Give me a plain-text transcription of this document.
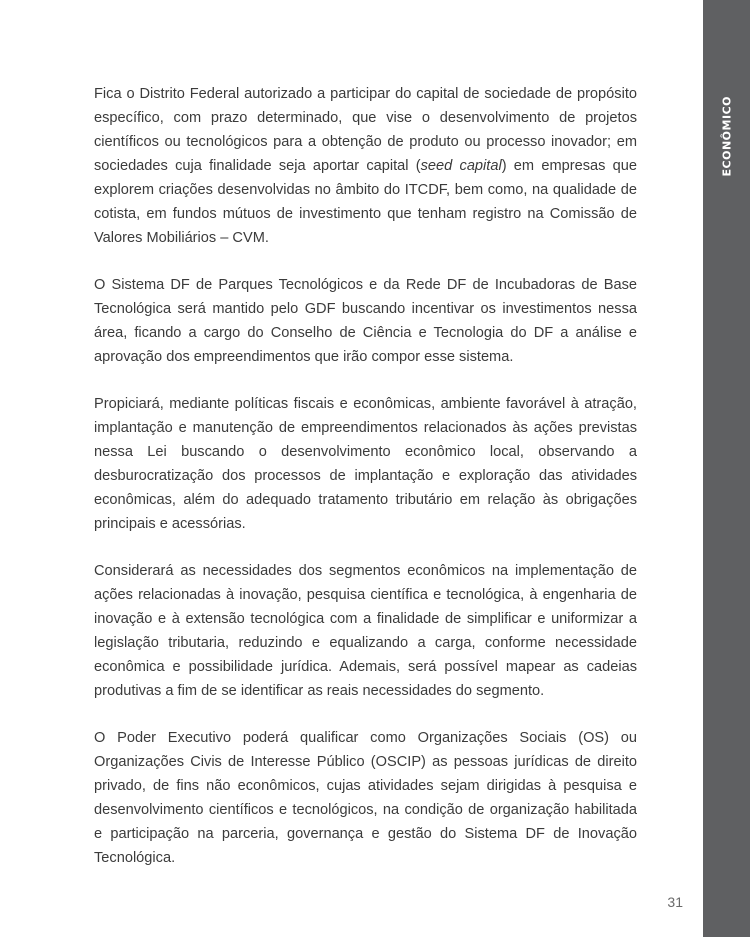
ECONÔMICO

Fica o Distrito Federal autorizado a participar do capital de sociedade de propósito específico, com prazo determinado, que vise o desenvolvimento de projetos científicos ou tecnológicos para a obtenção de produto ou processo inovador; em sociedades cuja finalidade seja aportar capital (seed capital) em empresas que explorem criações desenvolvidas no âmbito do ITCDF, bem como, na qualidade de cotista, em fundos mútuos de investimento que tenham registro na Comissão de Valores Mobiliários – CVM.

O Sistema DF de Parques Tecnológicos e da Rede DF de Incubadoras de Base Tecnológica será mantido pelo GDF buscando incentivar os investimentos nessa área, ficando a cargo do Conselho de Ciência e Tecnologia do DF a análise e aprovação dos empreendimentos que irão compor esse sistema.

Propiciará, mediante políticas fiscais e econômicas, ambiente favorável à atração, implantação e manutenção de empreendimentos relacionados às ações previstas nessa Lei buscando o desenvolvimento econômico local, observando a desburocratização dos processos de implantação e exploração das atividades econômicas, além do adequado tratamento tributário em relação às obrigações principais e acessórias.

Considerará as necessidades dos segmentos econômicos na implementação de ações relacionadas à inovação, pesquisa científica e tecnológica, à engenharia de inovação e à extensão tecnológica com a finalidade de simplificar e uniformizar a legislação tributaria, reduzindo e equalizando a carga, conforme necessidade econômica e possibilidade jurídica. Ademais, será possível mapear as cadeias produtivas a fim de se identificar as reais necessidades do segmento.

O Poder Executivo poderá qualificar como Organizações Sociais (OS) ou Organizações Civis de Interesse Público (OSCIP) as pessoas jurídicas de direito privado, de fins não econômicos, cujas atividades sejam dirigidas à pesquisa e desenvolvimento científicos e tecnológicos, na condição de organização habilitada e participação na parceria, governança e gestão do Sistema DF de Inovação Tecnológica.

31
